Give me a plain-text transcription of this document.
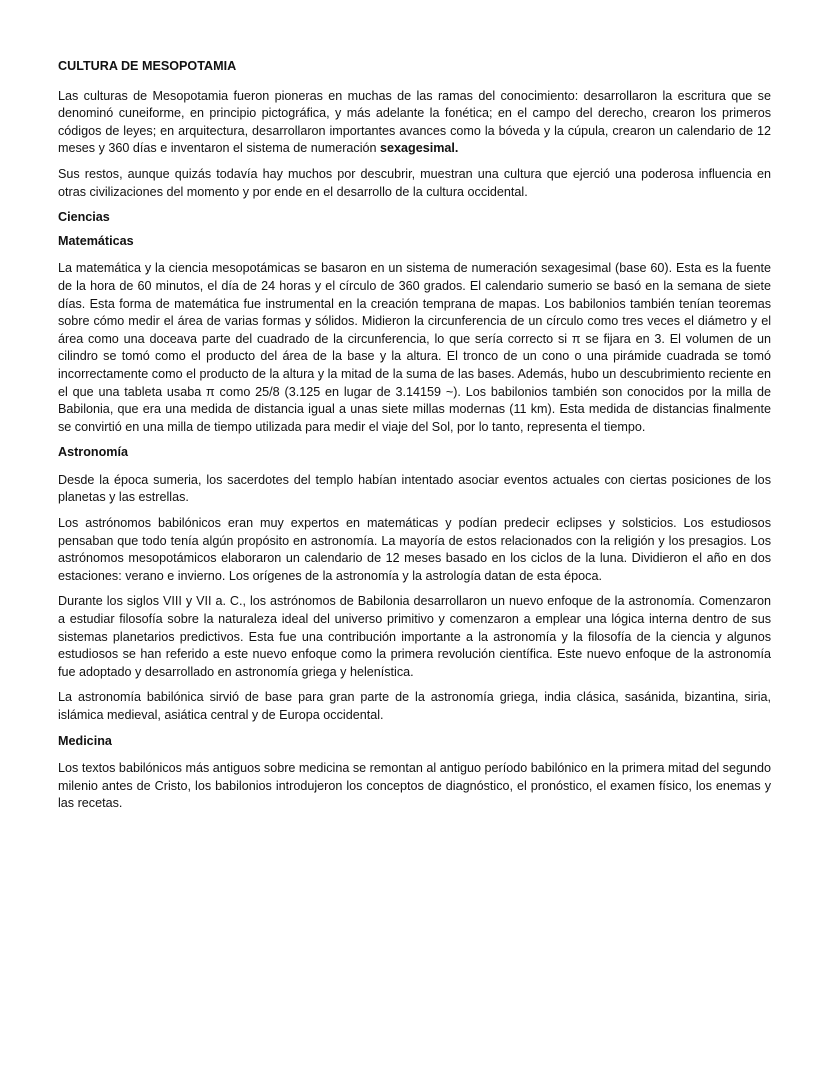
CULTURA DE MESOPOTAMIA

Las culturas de Mesopotamia fueron pioneras en muchas de las ramas del conocimiento: desarrollaron la escritura que se denominó cuneiforme, en principio pictográfica, y más adelante la fonética; en el campo del derecho, crearon los primeros códigos de leyes; en arquitectura, desarrollaron importantes avances como la bóveda y la cúpula, crearon un calendario de 12 meses y 360 días e inventaron el sistema de numeración sexagesimal.

Sus restos, aunque quizás todavía hay muchos por descubrir, muestran una cultura que ejerció una poderosa influencia en otras civilizaciones del momento y por ende en el desarrollo de la cultura occidental.

Ciencias
Matemáticas

La matemática y la ciencia mesopotámicas se basaron en un sistema de numeración sexagesimal (base 60). Esta es la fuente de la hora de 60 minutos, el día de 24 horas y el círculo de 360 grados. El calendario sumerio se basó en la semana de siete días. Esta forma de matemática fue instrumental en la creación temprana de mapas. Los babilonios también tenían teoremas sobre cómo medir el área de varias formas y sólidos. Midieron la circunferencia de un círculo como tres veces el diámetro y el área como una doceava parte del cuadrado de la circunferencia, lo que sería correcto si π se fijara en 3. El volumen de un cilindro se tomó como el producto del área de la base y la altura. El tronco de un cono o una pirámide cuadrada se tomó incorrectamente como el producto de la altura y la mitad de la suma de las bases. Además, hubo un descubrimiento reciente en el que una tableta usaba π como 25/8 (3.125 en lugar de 3.14159 ~). Los babilonios también son conocidos por la milla de Babilonia, que era una medida de distancia igual a unas siete millas modernas (11 km). Esta medida de distancias finalmente se convirtió en una milla de tiempo utilizada para medir el viaje del Sol, por lo tanto, representa el tiempo.

Astronomía

Desde la época sumeria, los sacerdotes del templo habían intentado asociar eventos actuales con ciertas posiciones de los planetas y las estrellas.

Los astrónomos babilónicos eran muy expertos en matemáticas y podían predecir eclipses y solsticios. Los estudiosos pensaban que todo tenía algún propósito en astronomía. La mayoría de estos relacionados con la religión y los presagios. Los astrónomos mesopotámicos elaboraron un calendario de 12 meses basado en los ciclos de la luna. Dividieron el año en dos estaciones: verano e invierno. Los orígenes de la astronomía y la astrología datan de esta época.

Durante los siglos VIII y VII a. C., los astrónomos de Babilonia desarrollaron un nuevo enfoque de la astronomía. Comenzaron a estudiar filosofía sobre la naturaleza ideal del universo primitivo y comenzaron a emplear una lógica interna dentro de sus sistemas planetarios predictivos. Esta fue una contribución importante a la astronomía y la filosofía de la ciencia y algunos estudiosos se han referido a este nuevo enfoque como la primera revolución científica. Este nuevo enfoque de la astronomía fue adoptado y desarrollado en astronomía griega y helenística.

La astronomía babilónica sirvió de base para gran parte de la astronomía griega, india clásica, sasánida, bizantina, siria, islámica medieval, asiática central y de Europa occidental.

Medicina

Los textos babilónicos más antiguos sobre medicina se remontan al antiguo período babilónico en la primera mitad del segundo milenio antes de Cristo, los babilonios introdujeron los conceptos de diagnóstico, el pronóstico, el examen físico, los enemas y las recetas.
